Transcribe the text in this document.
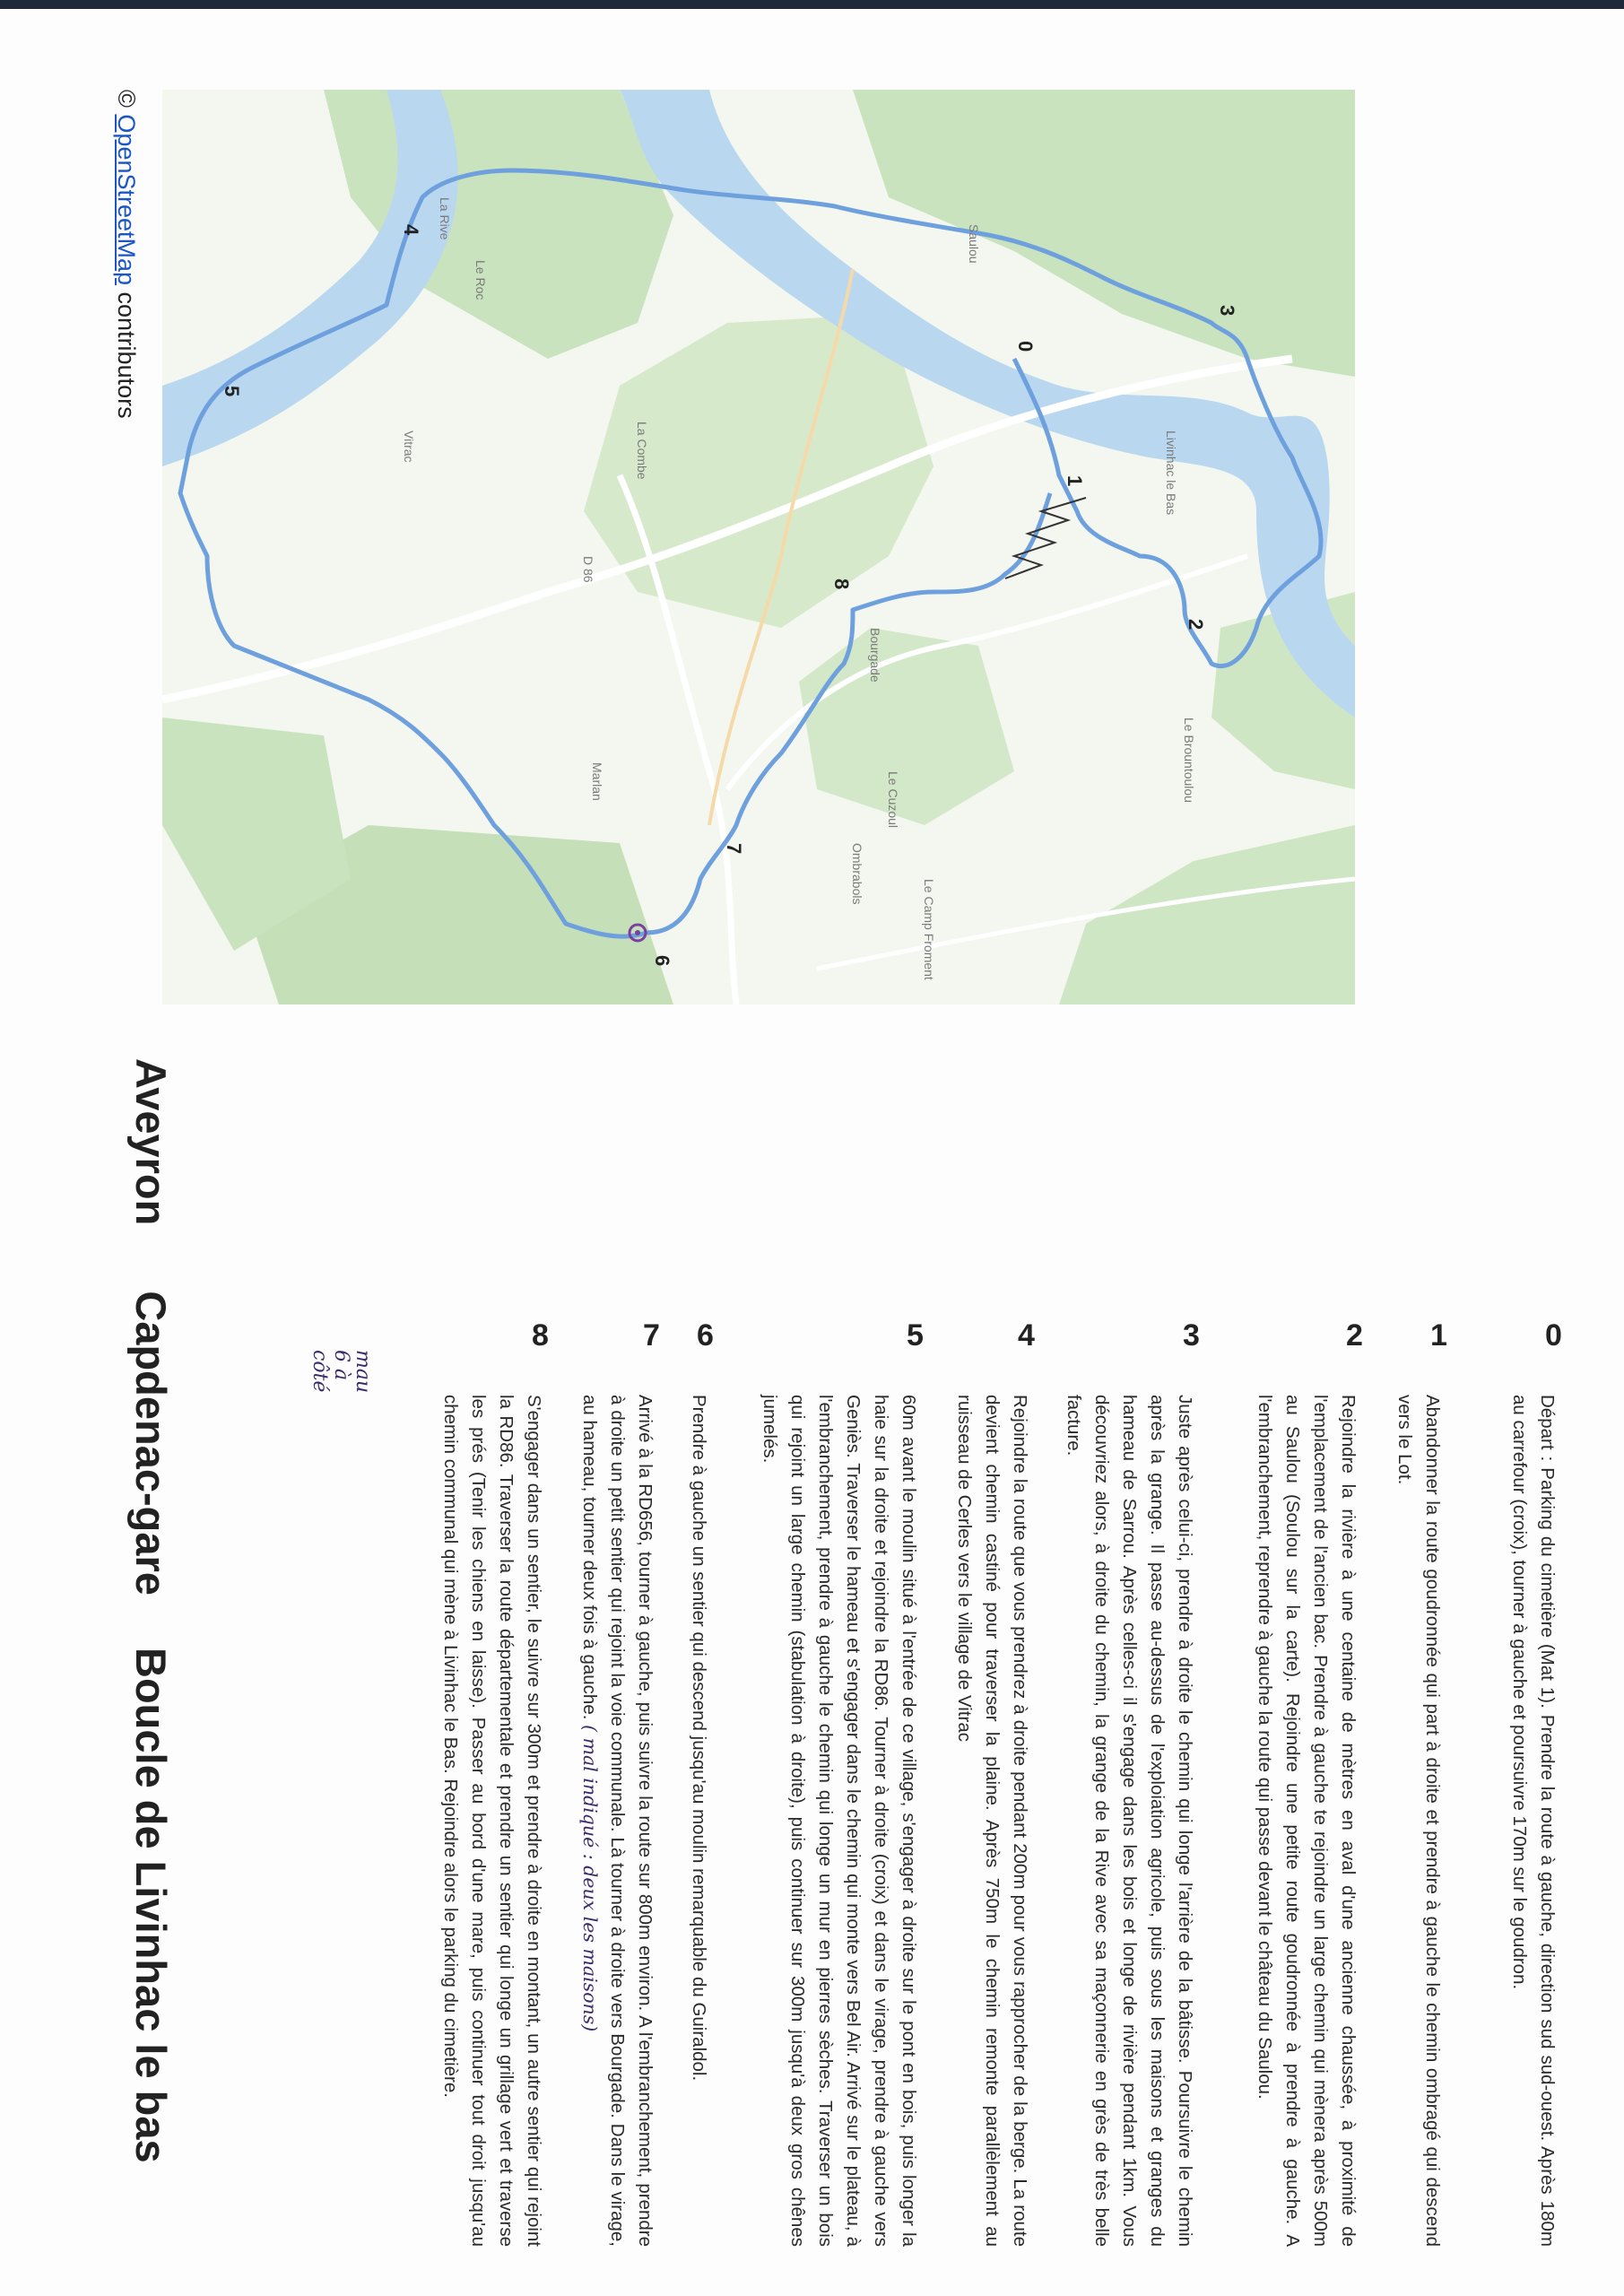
Livinhac le Bas
Saulou
La Rive
Le Roc
La Combe
Vitrac
D 86
Bourgade
Marlan	Le Cuzoul
Ombrabols
Le Camp Froment
Le Brountoulou
0
1
2
3
4
5
6
7
8
© OpenStreetMap contributors
Aveyron Capdenac-gare Boucle de Livinhac le bas
0
Départ : Parking du cimetière (Mat 1). Prendre la route à gauche, direction sud sud-ouest. Après 180m au carrefour (croix), tourner à gauche et poursuivre 170m sur le goudron.
1
Abandonner la route goudronnée qui part à droite et prendre à gauche le chemin ombragé qui descend vers le Lot.
2
Rejoindre la rivière à une centaine de mètres en aval d'une ancienne chaussée, à proximité de l'emplacement de l'ancien bac. Prendre à gauche te rejoindre un large chemin qui mènera après 500m au Saulou (Soulou sur la carte). Rejoindre une petite route goudronnée à prendre à gauche. A l'embranchement, reprendre à gauche la route qui passe devant le château du Saulou.
3
Juste après celui-ci, prendre à droite le chemin qui longe l'arrière de la bâtisse. Poursuivre le chemin après la grange. Il passe au-dessus de l'exploiation agricole, puis sous les maisons et granges du hameau de Sarrou. Après celles-ci il s'engage dans les bois et longe de rivière pendant 1km. Vous découvriez alors, à droite du chemin, la grange de la Rive avec sa maçonnerie en grès de très belle facture.
4
Rejoindre la route que vous prendrez à droite pendant 200m pour vous rapprocher de la berge. La route devient chemin castiné pour traverser la plaine. Après 750m le chemin remonte parallèlement au ruisseau de Cerles vers le village de Vitrac
5
60m avant le moulin situé à l'entrée de ce village, s'engager à droite sur le pont en bois, puis longer la haie sur la droite et rejoindre la RD86. Tourner à droite (croix) et dans le virage, prendre à gauche vers Geniès. Traverser le hameau et s'engager dans le chemin qui monte vers Bel Air. Arrivé sur le plateau, à l'embranchement, prendre à gauche le chemin qui longe un mur en pierres sèches. Traverser un bois qui rejoint un large chemin (stabulation à droite), puis continuer sur 300m jusqu'à deux gros chênes jumelés.
6
Prendre à gauche un sentier qui descend jusqu'au moulin remarquable du Guiraldol.
7
Arrivé à la RD656, tourner à gauche, puis suivre la route sur 800m environ. A l'embranchement, prendre à droite un petit sentier qui rejoint la voie communale. Là tourner à droite vers Bourgade. Dans le virage, au hameau, tourner deux fois à gauche. ( mal indiqué : deux les maisons)
8
S'engager dans un sentier, le suivre sur 300m et prendre à droite en montant, un autre sentier qui rejoint la RD86. Traverser la route départementale et prendre un sentier qui longe un grillage vert et traverse les prés (Tenir les chiens en laisse). Passer au bord d'une mare, puis continuer tout droit jusqu'au chemin communal qui mène à Livinhac le Bas. Rejoindre alors le parking du cimetière.
mau 6 à côté
